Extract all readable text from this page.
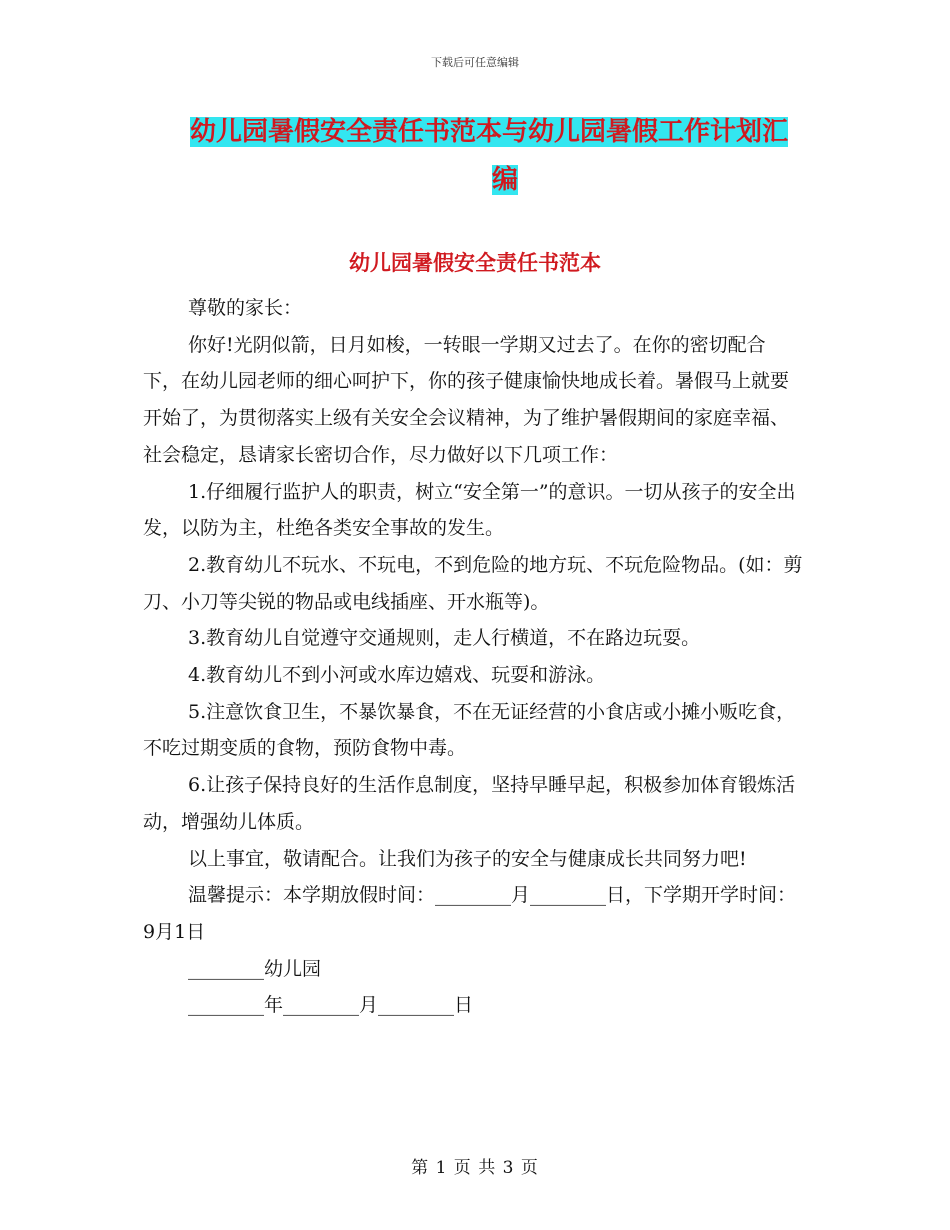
下载后可任意编辑
幼儿园暑假安全责任书范本与幼儿园暑假工作计划汇
编
幼儿园暑假安全责任书范本

尊敬的家长：

你好!光阴似箭，日月如梭，一转眼一学期又过去了。在你的密切配合下，在幼儿园老师的细心呵护下，你的孩子健康愉快地成长着。暑假马上就要开始了，为贯彻落实上级有关安全会议精神，为了维护暑假期间的家庭幸福、社会稳定，恳请家长密切合作，尽力做好以下几项工作：

1.仔细履行监护人的职责，树立“安全第一”的意识。一切从孩子的安全出发，以防为主，杜绝各类安全事故的发生。

2.教育幼儿不玩水、不玩电，不到危险的地方玩、不玩危险物品。(如：剪刀、小刀等尖锐的物品或电线插座、开水瓶等)。

3.教育幼儿自觉遵守交通规则，走人行横道，不在路边玩耍。

4.教育幼儿不到小河或水库边嬉戏、玩耍和游泳。

5.注意饮食卫生，不暴饮暴食，不在无证经营的小食店或小摊小贩吃食，不吃过期变质的食物，预防食物中毒。

6.让孩子保持良好的生活作息制度，坚持早睡早起，积极参加体育锻炼活动，增强幼儿体质。

以上事宜，敬请配合。让我们为孩子的安全与健康成长共同努力吧!

温馨提示：本学期放假时间：________月________日，下学期开学时间：9月1日

________幼儿园

________年________月________日

第 1 页 共 3 页
